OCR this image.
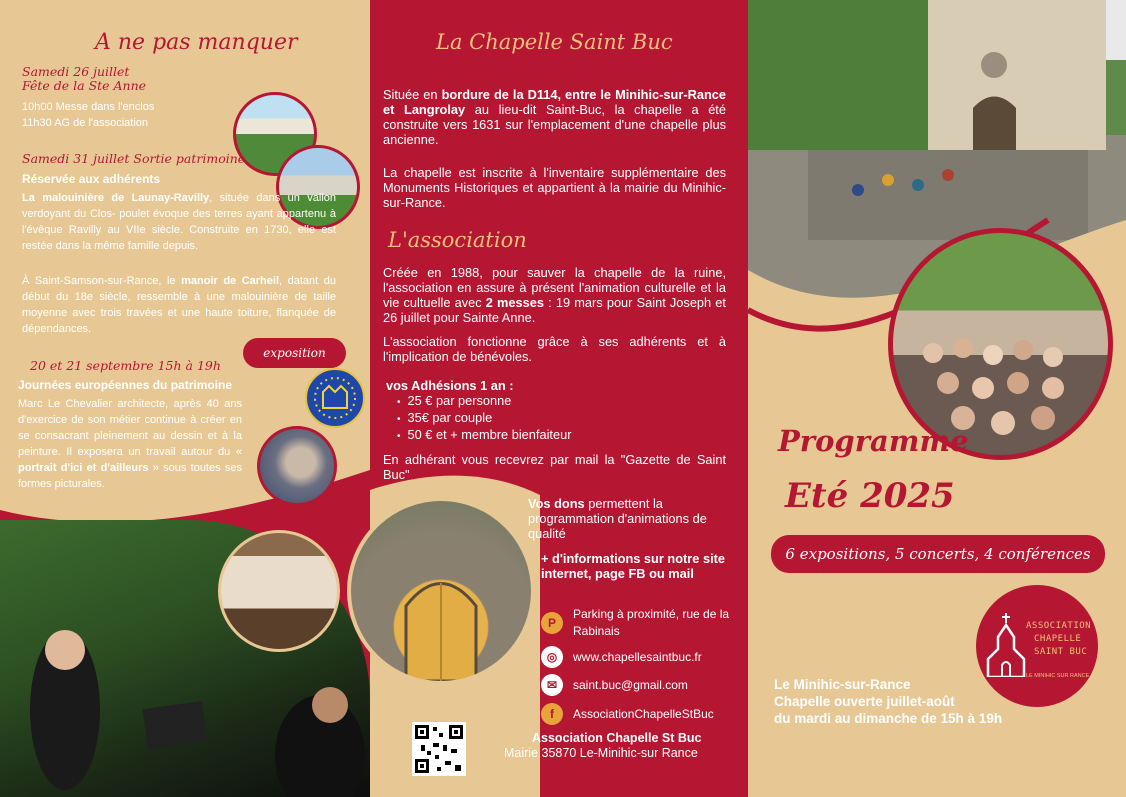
A ne pas manquer
Samedi 26 juillet
Fête de la Ste Anne
10h00 Messe dans l'enclos
11h30 AG de l'association
Samedi 31 juillet Sortie patrimoine
Réservée aux adhérents
La malouinière de Launay-Ravilly, située dans un vallon verdoyant du Clos- poulet évoque des terres ayant appartenu à l'évêque Ravilly au VIIe siècle. Construite en 1730, elle est restée dans la même famille depuis.
À Saint-Samson-sur-Rance, le manoir de Carheil, datant du début du 18e siècle, ressemble à une malouinière de taille moyenne avec trois travées et une haute toiture, flanquée de dépendances.
exposition
20 et 21 septembre 15h à 19h
Journées européennes du patrimoine
Marc Le Chevalier architecte, après 40 ans d'exercice de son métier continue à créer en se consacrant pleinement au dessin et à la peinture. Il exposera un travail autour du « portrait d'ici et d'ailleurs » sous toutes ses formes picturales.
La Chapelle Saint Buc
Située en bordure de la D114, entre le Minihic-sur-Rance et Langrolay au lieu-dit Saint-Buc, la chapelle a été construite vers 1631 sur l'emplacement d'une chapelle plus ancienne.
La chapelle est inscrite à l'inventaire supplémentaire des Monuments Historiques et appartient à la mairie du Minihic-sur-Rance.
L'association
Créée en 1988, pour sauver la chapelle de la ruine, l'association en assure à présent l'animation culturelle et la vie cultuelle avec 2 messes : 19 mars pour Saint Joseph et 26 juillet pour Sainte Anne.
L'association fonctionne grâce à ses adhérents et à l'implication de bénévoles.
vos Adhésions 1 an :
• 25 € par personne
• 35€ par couple
• 50 € et + membre bienfaiteur
En adhérant vous recevrez par mail la "Gazette de Saint Buc"
Vos dons permettent la programmation d'animations de qualité
+ d'informations sur notre site internet, page FB ou mail
P
Parking à proximité, rue de la Rabinais
◎	www.chapellesaintbuc.fr
✉	saint.buc@gmail.com
f	AssociationChapelleStBuc
Association Chapelle St Buc
Mairie 35870 Le-Minihic-sur Rance
Programme
Eté 2025
6 expositions, 5 concerts, 4 conférences
ASSOCIATION
CHAPELLE
SAINT BUC
LE MINIHIC SUR RANCE
Le Minihic-sur-Rance
Chapelle ouverte juillet-août
du mardi au dimanche de 15h à 19h
